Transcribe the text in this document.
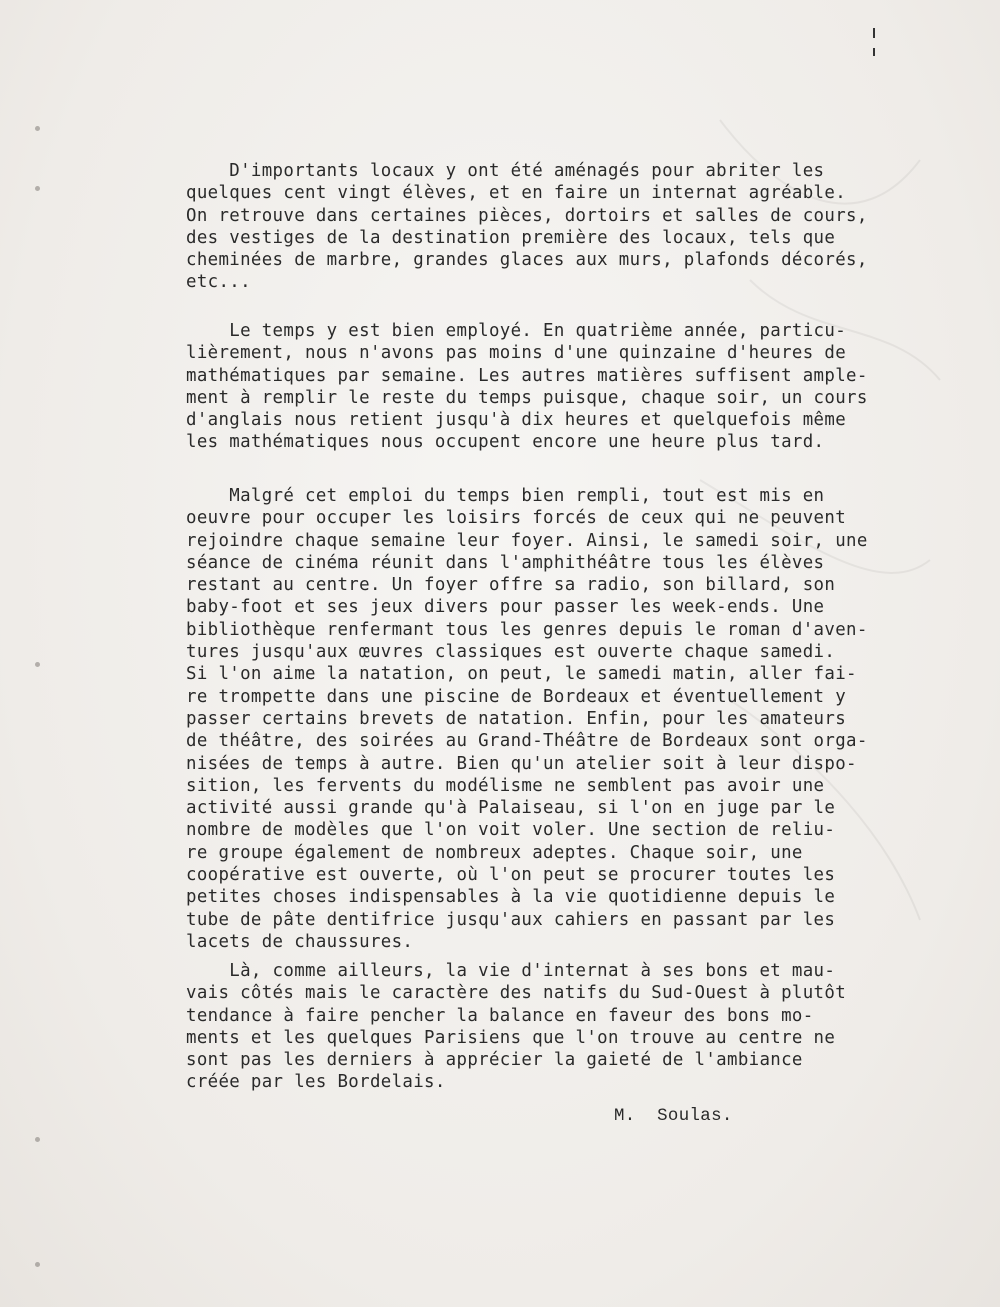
D'importants locaux y ont été aménagés pour abriter les
quelques cent vingt élèves, et en faire un internat agréable.
On retrouve dans certaines pièces, dortoirs et salles de cours,
des vestiges de la destination première des locaux, tels que
cheminées de marbre, grandes glaces aux murs, plafonds décorés,
etc...
Le temps y est bien employé. En quatrième année, particu-
lièrement, nous n'avons pas moins d'une quinzaine d'heures de
mathématiques par semaine. Les autres matières suffisent ample-
ment à remplir le reste du temps puisque, chaque soir, un cours
d'anglais nous retient jusqu'à dix heures et quelquefois même
les mathématiques nous occupent encore une heure plus tard.
Malgré cet emploi du temps bien rempli, tout est mis en
oeuvre pour occuper les loisirs forcés de ceux qui ne peuvent
rejoindre chaque semaine leur foyer. Ainsi, le samedi soir, une
séance de cinéma réunit dans l'amphithéâtre tous les élèves
restant au centre. Un foyer offre sa radio, son billard, son
baby-foot et ses jeux divers pour passer les week-ends. Une
bibliothèque renfermant tous les genres depuis le roman d'aven-
tures jusqu'aux œuvres classiques est ouverte chaque samedi.
Si l'on aime la natation, on peut, le samedi matin, aller fai-
re trompette dans une piscine de Bordeaux et éventuellement y
passer certains brevets de natation. Enfin, pour les amateurs
de théâtre, des soirées au Grand-Théâtre de Bordeaux sont orga-
nisées de temps à autre. Bien qu'un atelier soit à leur dispo-
sition, les fervents du modélisme ne semblent pas avoir une
activité aussi grande qu'à Palaiseau, si l'on en juge par le
nombre de modèles que l'on voit voler. Une section de reliu-
re groupe également de nombreux adeptes. Chaque soir, une
coopérative est ouverte, où l'on peut se procurer toutes les
petites choses indispensables à la vie quotidienne depuis le
tube de pâte dentifrice jusqu'aux cahiers en passant par les
lacets de chaussures.
Là, comme ailleurs, la vie d'internat à ses bons et mau-
vais côtés mais le caractère des natifs du Sud-Ouest à plutôt
tendance à faire pencher la balance en faveur des bons mo-
ments et les quelques Parisiens que l'on trouve au centre ne
sont pas les derniers à apprécier la gaieté de l'ambiance
créée par les Bordelais.
M.  Soulas.
